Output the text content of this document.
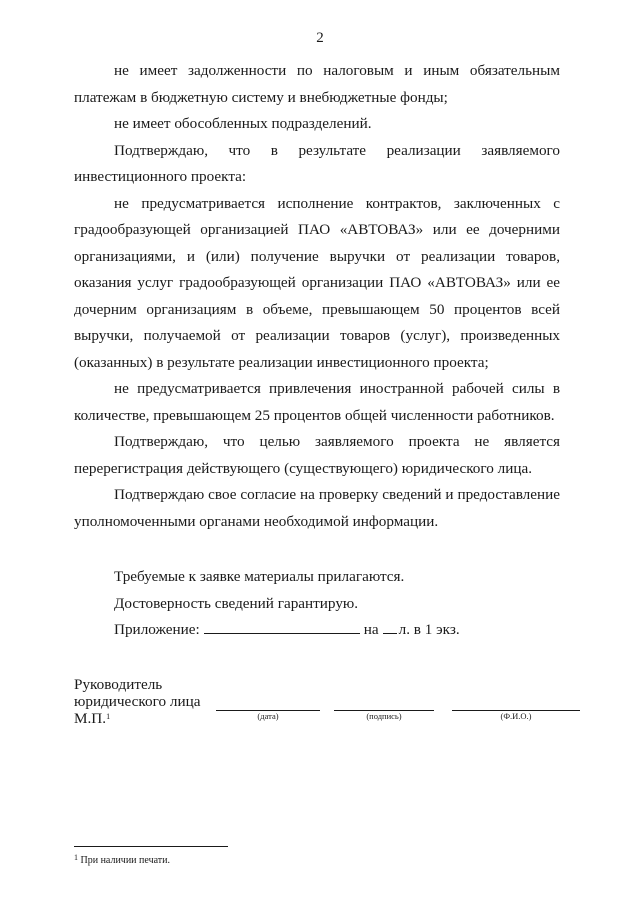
2

не имеет задолженности по налоговым и иным обязательным платежам в бюджетную систему и внебюджетные фонды;

не имеет обособленных подразделений.

Подтверждаю, что в результате реализации заявляемого инвестиционного проекта:

не предусматривается исполнение контрактов, заключенных с градообразующей организацией ПАО «АВТОВАЗ» или ее дочерними организациями, и (или) получение выручки от реализации товаров, оказания услуг градообразующей организации ПАО «АВТОВАЗ» или ее дочерним организациям в объеме, превышающем 50 процентов всей выручки, получаемой от реализации товаров (услуг), произведенных (оказанных) в результате реализации инвестиционного проекта;

не предусматривается привлечения иностранной рабочей силы в количестве, превышающем 25 процентов общей численности работников.

Подтверждаю, что целью заявляемого проекта не является перерегистрация действующего (существующего) юридического лица.

Подтверждаю свое согласие на проверку сведений и предоставление уполномоченными органами необходимой информации.

Требуемые к заявке материалы прилагаются.
Достоверность сведений гарантирую.
Приложение:	на л. в 1 экз.
Руководитель
юридического лица
М.П.$^1$	(дата)	(подпись)	(Ф.И.О.)
$^1$ При наличии печати.
